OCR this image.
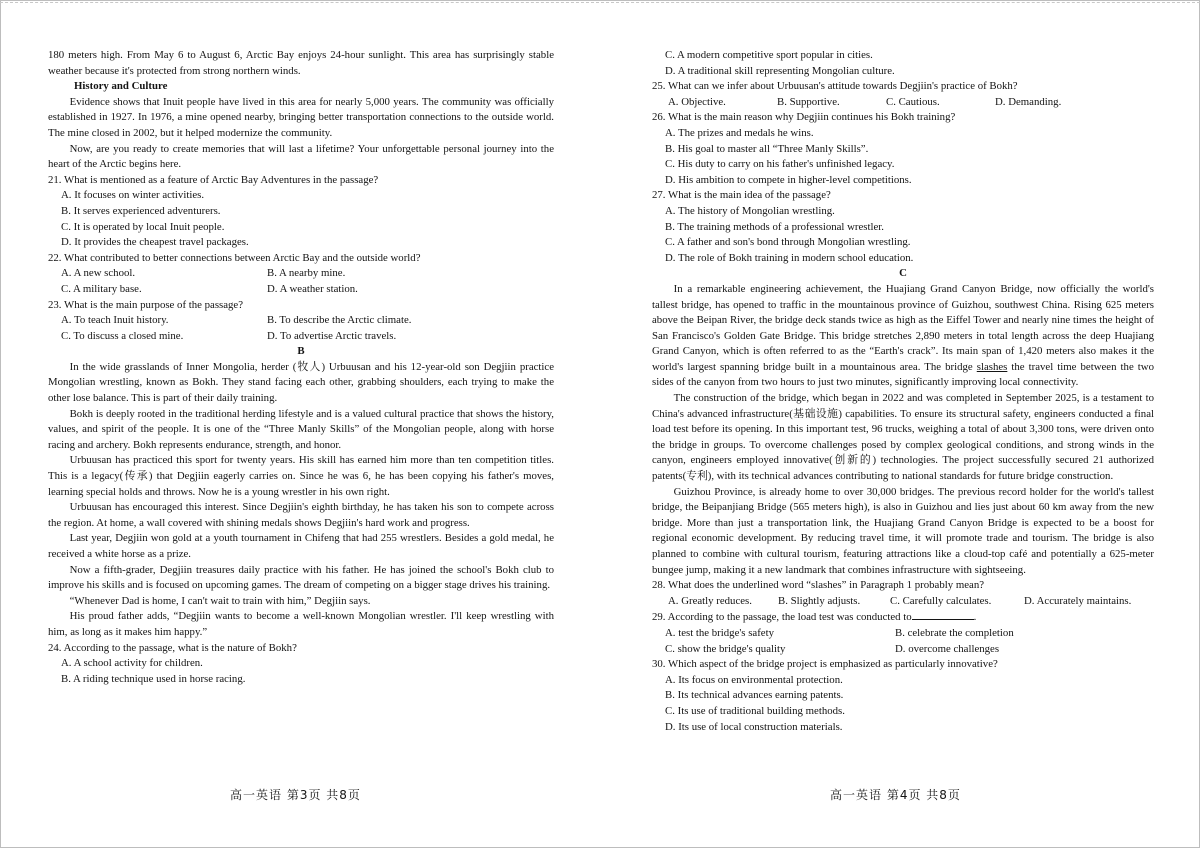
180 meters high. From May 6 to August 6, Arctic Bay enjoys 24-hour sunlight. This area has surprisingly stable weather because it's protected from strong northern winds.

History and Culture

Evidence shows that Inuit people have lived in this area for nearly 5,000 years. The community was officially established in 1927. In 1976, a mine opened nearby, bringing better transportation connections to the outside world. The mine closed in 2002, but it helped modernize the community.

Now, are you ready to create memories that will last a lifetime? Your unforgettable personal journey into the heart of the Arctic begins here.

21. What is mentioned as a feature of Arctic Bay Adventures in the passage?

A. It focuses on winter activities.

B. It serves experienced adventurers.

C. It is operated by local Inuit people.

D. It provides the cheapest travel packages.

22. What contributed to better connections between Arctic Bay and the outside world?

A. A new school.	B. A nearby mine.
C. A military base.	D. A weather station.

23. What is the main purpose of the passage?

A. To teach Inuit history.	B. To describe the Arctic climate.
C. To discuss a closed mine.	D. To advertise Arctic travels.

B

In the wide grasslands of Inner Mongolia, herder (牧人) Urbuusan and his 12-year-old son Degjiin practice Mongolian wrestling, known as Bokh. They stand facing each other, grabbing shoulders, each trying to make the other lose balance. This is part of their daily training.

Bokh is deeply rooted in the traditional herding lifestyle and is a valued cultural practice that shows the history, values, and spirit of the people. It is one of the “Three Manly Skills” of the Mongolian people, along with horse racing and archery. Bokh represents endurance, strength, and honor.

Urbuusan has practiced this sport for twenty years. His skill has earned him more than ten competition titles. This is a legacy(传承) that Degjiin eagerly carries on. Since he was 6, he has been copying his father's moves, learning special holds and throws. Now he is a young wrestler in his own right.

Urbuusan has encouraged this interest. Since Degjiin's eighth birthday, he has taken his son to compete across the region. At home, a wall covered with shining medals shows Degjiin's hard work and progress.

Last year, Degjiin won gold at a youth tournament in Chifeng that had 255 wrestlers. Besides a gold medal, he received a white horse as a prize.

Now a fifth-grader, Degjiin treasures daily practice with his father. He has joined the school's Bokh club to improve his skills and is focused on upcoming games. The dream of competing on a bigger stage drives his training.

“Whenever Dad is home, I can't wait to train with him,” Degjiin says.

His proud father adds, “Degjiin wants to become a well-known Mongolian wrestler. I'll keep wrestling with him, as long as it makes him happy.”

24. According to the passage, what is the nature of Bokh?

A. A school activity for children.

B. A riding technique used in horse racing.

高一英语 第3页 共8页

C. A modern competitive sport popular in cities.

D. A traditional skill representing Mongolian culture.

25. What can we infer about Urbuusan's attitude towards Degjiin's practice of Bokh?

A. Objective.	B. Supportive.	C. Cautious.	D. Demanding.

26. What is the main reason why Degjiin continues his Bokh training?

A. The prizes and medals he wins.

B. His goal to master all “Three Manly Skills”.

C. His duty to carry on his father's unfinished legacy.

D. His ambition to compete in higher-level competitions.

27. What is the main idea of the passage?

A. The history of Mongolian wrestling.

B. The training methods of a professional wrestler.

C. A father and son's bond through Mongolian wrestling.

D. The role of Bokh training in modern school education.

C

In a remarkable engineering achievement, the Huajiang Grand Canyon Bridge, now officially the world's tallest bridge, has opened to traffic in the mountainous province of Guizhou, southwest China. Rising 625 meters above the Beipan River, the bridge deck stands twice as high as the Eiffel Tower and nearly nine times the height of San Francisco's Golden Gate Bridge. This bridge stretches 2,890 meters in total length across the deep Huajiang Grand Canyon, which is often referred to as the “Earth's crack”. Its main span of 1,420 meters also makes it the world's largest spanning bridge built in a mountainous area. The bridge slashes the travel time between the two sides of the canyon from two hours to just two minutes, significantly improving local connectivity.

The construction of the bridge, which began in 2022 and was completed in September 2025, is a testament to China's advanced infrastructure(基础设施) capabilities. To ensure its structural safety, engineers conducted a final load test before its opening. In this important test, 96 trucks, weighing a total of about 3,300 tons, were driven onto the bridge in groups. To overcome challenges posed by complex geological conditions, and strong winds in the canyon, engineers employed innovative(创新的) technologies. The project successfully secured 21 authorized patents(专利), with its technical advances contributing to national standards for future bridge construction.

Guizhou Province, is already home to over 30,000 bridges. The previous record holder for the world's tallest bridge, the Beipanjiang Bridge (565 meters high), is also in Guizhou and lies just about 60 km away from the new bridge. More than just a transportation link, the Huajiang Grand Canyon Bridge is expected to be a boost for regional economic development. By reducing travel time, it will promote trade and tourism. The bridge is also planned to combine with cultural tourism, featuring attractions like a cloud-top café and potentially a 625-meter bungee jump, making it a new landmark that combines infrastructure with sightseeing.

28. What does the underlined word “slashes” in Paragraph 1 probably mean?

A. Greatly reduces.	B. Slightly adjusts.	C. Carefully calculates.	D. Accurately maintains.

29. According to the passage, the load test was conducted to	.

A. test the bridge's safety	B. celebrate the completion
C. show the bridge's quality	D. overcome challenges

30. Which aspect of the bridge project is emphasized as particularly innovative?

A. Its focus on environmental protection.

B. Its technical advances earning patents.

C. Its use of traditional building methods.

D. Its use of local construction materials.

高一英语 第4页 共8页
